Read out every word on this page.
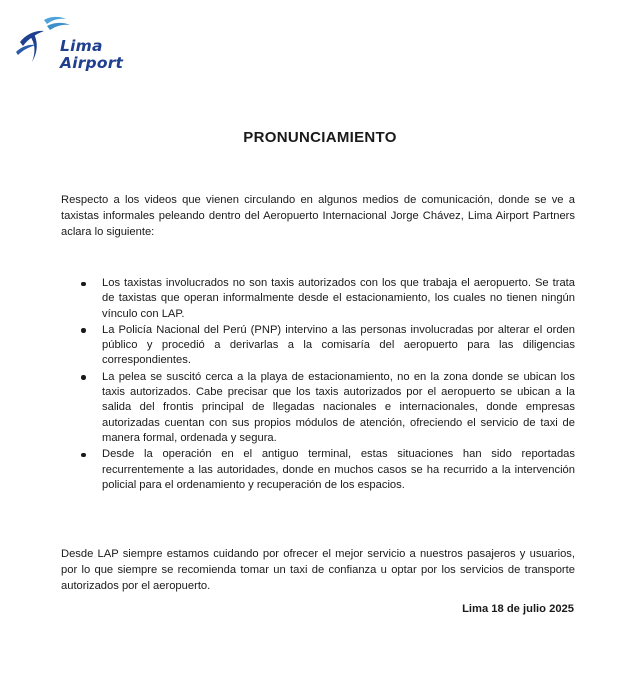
Lima
Airport
PRONUNCIAMIENTO

Respecto a los videos que vienen circulando en algunos medios de comunicación, donde se ve a taxistas informales peleando dentro del Aeropuerto Internacional Jorge Chávez, Lima Airport Partners aclara lo siguiente:

Los taxistas involucrados no son taxis autorizados con los que trabaja el aeropuerto. Se trata de taxistas que operan informalmente desde el estacionamiento, los cuales no tienen ningún vínculo con LAP.
La Policía Nacional del Perú (PNP) intervino a las personas involucradas por alterar el orden público y procedió a derivarlas a la comisaría del aeropuerto para las diligencias correspondientes.
La pelea se suscitó cerca a la playa de estacionamiento, no en la zona donde se ubican los taxis autorizados. Cabe precisar que los taxis autorizados por el aeropuerto se ubican a la salida del frontis principal de llegadas nacionales e internacionales, donde empresas autorizadas cuentan con sus propios módulos de atención, ofreciendo el servicio de taxi de manera formal, ordenada y segura.
Desde la operación en el antiguo terminal, estas situaciones han sido reportadas recurrentemente a las autoridades, donde en muchos casos se ha recurrido a la intervención policial para el ordenamiento y recuperación de los espacios.

Desde LAP siempre estamos cuidando por ofrecer el mejor servicio a nuestros pasajeros y usuarios, por lo que siempre se recomienda tomar un taxi de confianza u optar por los servicios de transporte autorizados por el aeropuerto.

Lima 18 de julio 2025
